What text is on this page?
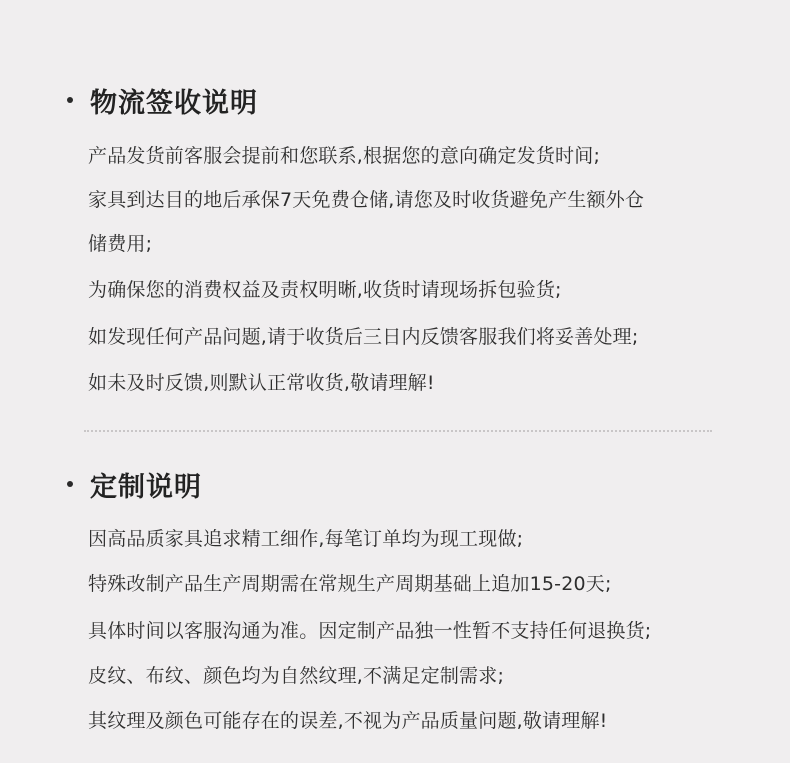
物流签收说明
产品发货前客服会提前和您联系,根据您的意向确定发货时间;
家具到达目的地后承保7天免费仓储,请您及时收货避免产生额外仓
储费用;
为确保您的消费权益及责权明晰,收货时请现场拆包验货;
如发现任何产品问题,请于收货后三日内反馈客服我们将妥善处理;
如未及时反馈,则默认正常收货,敬请理解!
定制说明
因高品质家具追求精工细作,每笔订单均为现工现做;
特殊改制产品生产周期需在常规生产周期基础上追加15-20天;
具体时间以客服沟通为准。因定制产品独一性暂不支持任何退换货;
皮纹、布纹、颜色均为自然纹理,不满足定制需求;
其纹理及颜色可能存在的误差,不视为产品质量问题,敬请理解!
